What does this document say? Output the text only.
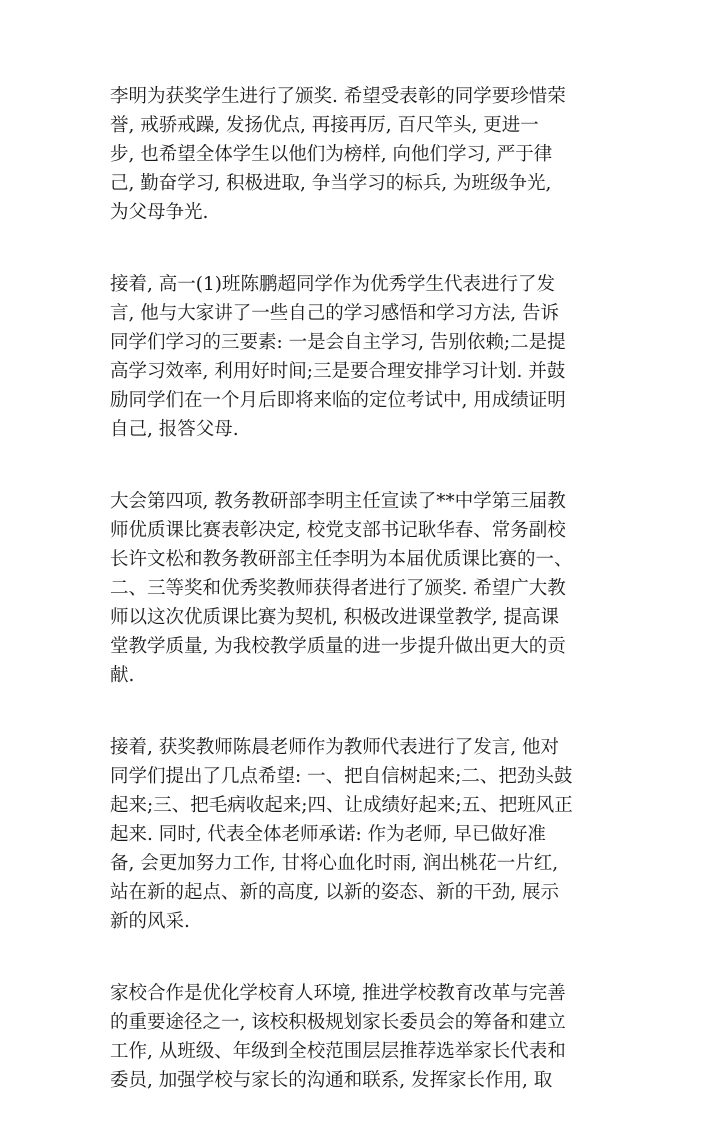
李明为获奖学生进行了颁奖. 希望受表彰的同学要珍惜荣
誉, 戒骄戒躁, 发扬优点, 再接再厉, 百尺竿头, 更进一
步, 也希望全体学生以他们为榜样, 向他们学习, 严于律
己, 勤奋学习, 积极进取, 争当学习的标兵, 为班级争光,
为父母争光.
接着, 高一(1)班陈鹏超同学作为优秀学生代表进行了发
言, 他与大家讲了一些自己的学习感悟和学习方法, 告诉
同学们学习的三要素: 一是会自主学习, 告别依赖;二是提
高学习效率, 利用好时间;三是要合理安排学习计划. 并鼓
励同学们在一个月后即将来临的定位考试中, 用成绩证明
自己, 报答父母.
大会第四项, 教务教研部李明主任宣读了**中学第三届教
师优质课比赛表彰决定, 校党支部书记耿华春、常务副校
长许文松和教务教研部主任李明为本届优质课比赛的一、
二、三等奖和优秀奖教师获得者进行了颁奖. 希望广大教
师以这次优质课比赛为契机, 积极改进课堂教学, 提高课
堂教学质量, 为我校教学质量的进一步提升做出更大的贡
献.
接着, 获奖教师陈晨老师作为教师代表进行了发言, 他对
同学们提出了几点希望: 一、把自信树起来;二、把劲头鼓
起来;三、把毛病收起来;四、让成绩好起来;五、把班风正
起来. 同时, 代表全体老师承诺: 作为老师, 早已做好准
备, 会更加努力工作, 甘将心血化时雨, 润出桃花一片红,
站在新的起点、新的高度, 以新的姿态、新的干劲, 展示
新的风采.
家校合作是优化学校育人环境, 推进学校教育改革与完善
的重要途径之一, 该校积极规划家长委员会的筹备和建立
工作, 从班级、年级到全校范围层层推荐选举家长代表和
委员, 加强学校与家长的沟通和联系, 发挥家长作用, 取
